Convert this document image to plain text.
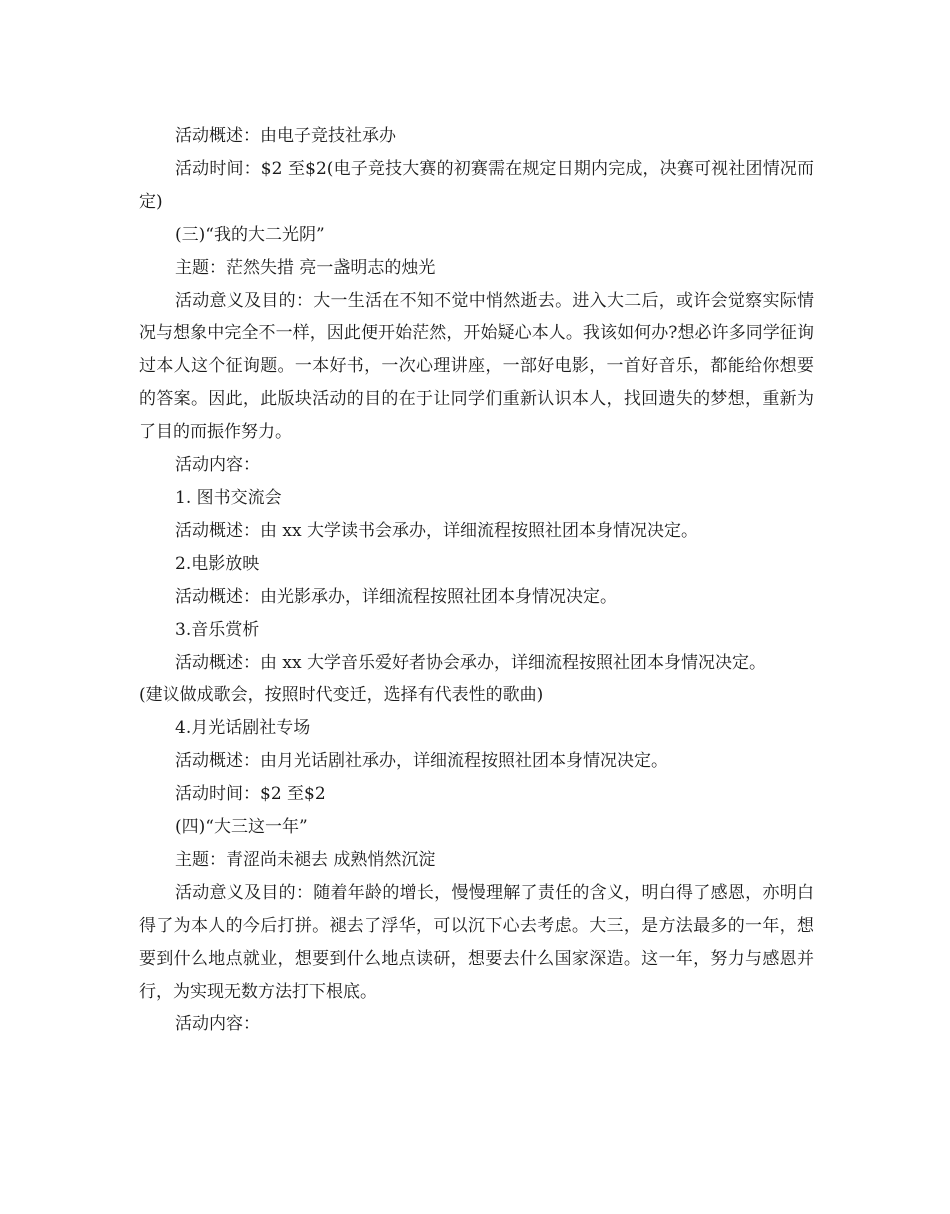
活动概述：由电子竞技社承办

活动时间：$2 至$2(电子竞技大赛的初赛需在规定日期内完成，决赛可视社团情况而定)

(三)“我的大二光阴”

主题：茫然失措 亮一盏明志的烛光

活动意义及目的：大一生活在不知不觉中悄然逝去。进入大二后，或许会觉察实际情况与想象中完全不一样，因此便开始茫然，开始疑心本人。我该如何办?想必许多同学征询过本人这个征询题。一本好书，一次心理讲座，一部好电影，一首好音乐，都能给你想要的答案。因此，此版块活动的目的在于让同学们重新认识本人，找回遗失的梦想，重新为了目的而振作努力。

活动内容：

1. 图书交流会

活动概述：由 xx 大学读书会承办，详细流程按照社团本身情况决定。

2.电影放映

活动概述：由光影承办，详细流程按照社团本身情况决定。

3.音乐赏析

活动概述：由 xx 大学音乐爱好者协会承办，详细流程按照社团本身情况决定。

(建议做成歌会，按照时代变迁，选择有代表性的歌曲)

4.月光话剧社专场

活动概述：由月光话剧社承办，详细流程按照社团本身情况决定。

活动时间：$2 至$2

(四)“大三这一年”

主题：青涩尚未褪去 成熟悄然沉淀

活动意义及目的：随着年龄的增长，慢慢理解了责任的含义，明白得了感恩，亦明白得了为本人的今后打拼。褪去了浮华，可以沉下心去考虑。大三，是方法最多的一年，想要到什么地点就业，想要到什么地点读研，想要去什么国家深造。这一年，努力与感恩并行，为实现无数方法打下根底。

活动内容：
